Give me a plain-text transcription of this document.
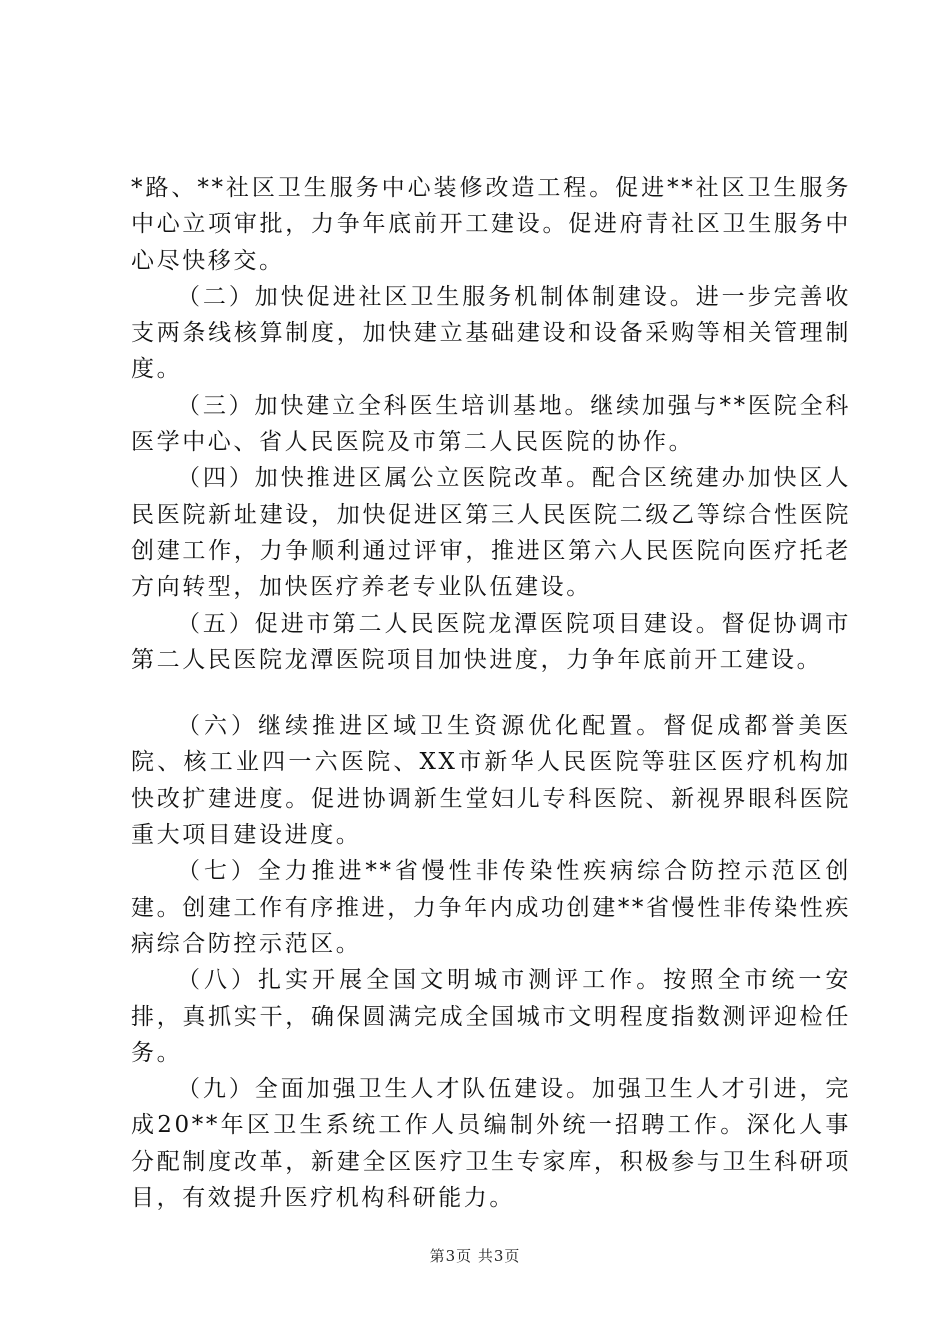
*路、**社区卫生服务中心装修改造工程。促进**社区卫生服务中心立项审批，力争年底前开工建设。促进府青社区卫生服务中心尽快移交。

（二）加快促进社区卫生服务机制体制建设。进一步完善收支两条线核算制度，加快建立基础建设和设备采购等相关管理制度。

（三）加快建立全科医生培训基地。继续加强与**医院全科医学中心、省人民医院及市第二人民医院的协作。

（四）加快推进区属公立医院改革。配合区统建办加快区人民医院新址建设，加快促进区第三人民医院二级乙等综合性医院创建工作，力争顺利通过评审，推进区第六人民医院向医疗托老方向转型，加快医疗养老专业队伍建设。

（五）促进市第二人民医院龙潭医院项目建设。督促协调市第二人民医院龙潭医院项目加快进度，力争年底前开工建设。

（六）继续推进区域卫生资源优化配置。督促成都誉美医院、核工业四一六医院、XX市新华人民医院等驻区医疗机构加快改扩建进度。促进协调新生堂妇儿专科医院、新视界眼科医院重大项目建设进度。

（七）全力推进**省慢性非传染性疾病综合防控示范区创建。创建工作有序推进，力争年内成功创建**省慢性非传染性疾病综合防控示范区。

（八）扎实开展全国文明城市测评工作。按照全市统一安排，真抓实干，确保圆满完成全国城市文明程度指数测评迎检任务。

（九）全面加强卫生人才队伍建设。加强卫生人才引进，完成20**年区卫生系统工作人员编制外统一招聘工作。深化人事分配制度改革，新建全区医疗卫生专家库，积极参与卫生科研项目，有效提升医疗机构科研能力。

第3页 共3页
